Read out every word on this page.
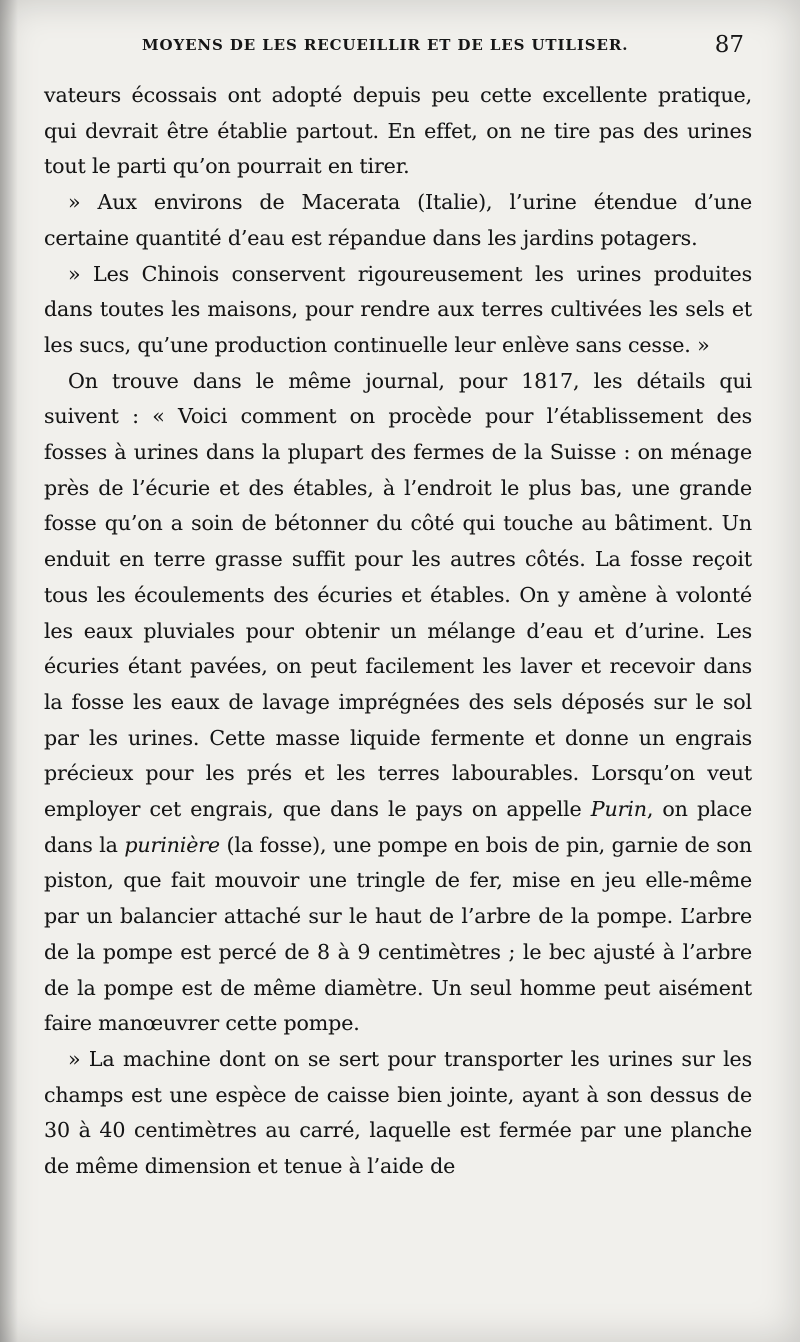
MOYENS DE LES RECUEILLIR ET DE LES UTILISER.	87

vateurs écossais ont adopté depuis peu cette excellente pratique, qui devrait être établie partout. En effet, on ne tire pas des urines tout le parti qu’on pourrait en tirer.

» Aux environs de Macerata (Italie), l’urine étendue d’une certaine quantité d’eau est répandue dans les jardins potagers.

» Les Chinois conservent rigoureusement les urines produites dans toutes les maisons, pour rendre aux terres cultivées les sels et les sucs, qu’une production continuelle leur enlève sans cesse. »

On trouve dans le même journal, pour 1817, les détails qui suivent : « Voici comment on procède pour l’établissement des fosses à urines dans la plupart des fermes de la Suisse : on ménage près de l’écurie et des étables, à l’endroit le plus bas, une grande fosse qu’on a soin de bétonner du côté qui touche au bâtiment. Un enduit en terre grasse suffit pour les autres côtés. La fosse reçoit tous les écoulements des écuries et étables. On y amène à volonté les eaux pluviales pour obtenir un mélange d’eau et d’urine. Les écuries étant pavées, on peut facilement les laver et recevoir dans la fosse les eaux de lavage imprégnées des sels déposés sur le sol par les urines. Cette masse liquide fermente et donne un engrais précieux pour les prés et les terres labourables. Lorsqu’on veut employer cet engrais, que dans le pays on appelle Purin, on place dans la purinière (la fosse), une pompe en bois de pin, garnie de son piston, que fait mouvoir une tringle de fer, mise en jeu elle-même par un balancier attaché sur le haut de l’arbre de la pompe. L’arbre de la pompe est percé de 8 à 9 centimètres ; le bec ajusté à l’arbre de la pompe est de même diamètre. Un seul homme peut aisément faire manœuvrer cette pompe.

» La machine dont on se sert pour transporter les urines sur les champs est une espèce de caisse bien jointe, ayant à son dessus de 30 à 40 centimètres au carré, laquelle est fermée par une planche de même dimension et tenue à l’aide de
